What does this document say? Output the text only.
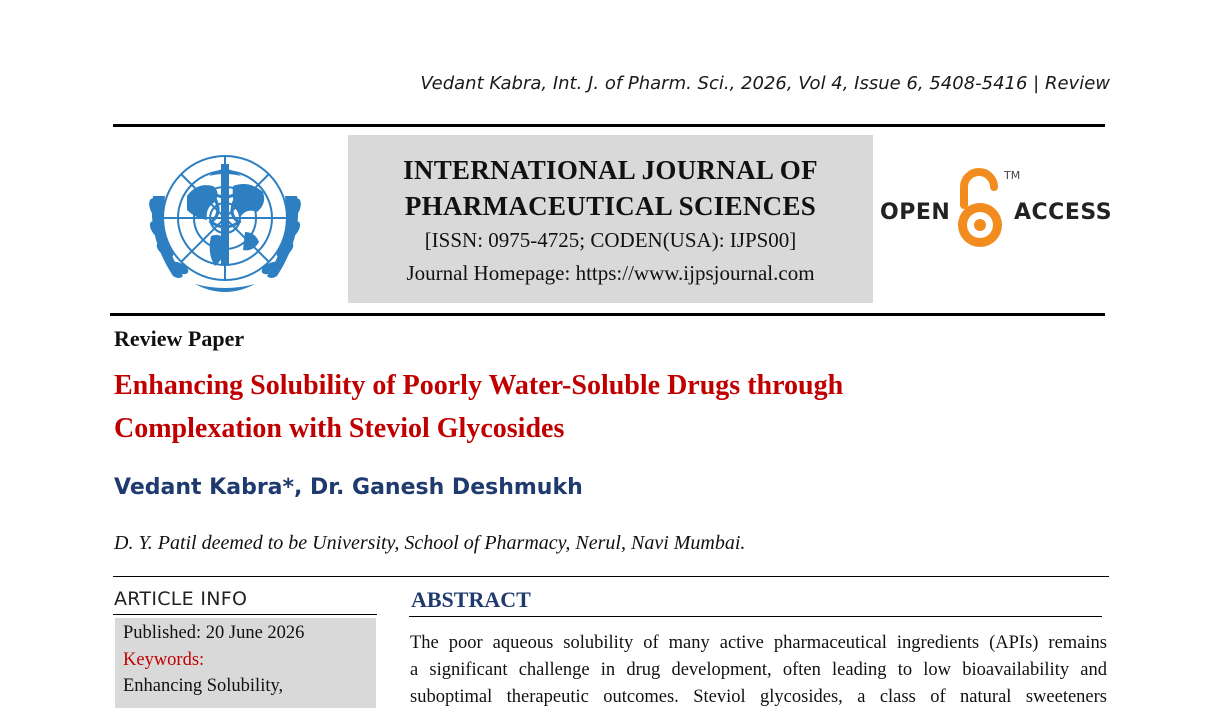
Vedant Kabra, Int. J. of Pharm. Sci., 2026, Vol 4, Issue 6, 5408-5416 | Review
INTERNATIONAL JOURNAL OF
PHARMACEUTICAL SCIENCES
[ISSN: 0975-4725; CODEN(USA): IJPS00]
Journal Homepage: https://www.ijpsjournal.com
OPEN
TM
ACCESS
Review Paper
Enhancing Solubility of Poorly Water-Soluble Drugs through
Complexation with Steviol Glycosides
Vedant Kabra*, Dr. Ganesh Deshmukh
D. Y. Patil deemed to be University, School of Pharmacy, Nerul, Navi Mumbai.
ARTICLE INFO
Published: 20 June 2026
Keywords:
Enhancing Solubility,
ABSTRACT
The poor aqueous solubility of many active pharmaceutical ingredients (APIs) remains
a significant challenge in drug development, often leading to low bioavailability and
suboptimal therapeutic outcomes. Steviol glycosides, a class of natural sweeteners
